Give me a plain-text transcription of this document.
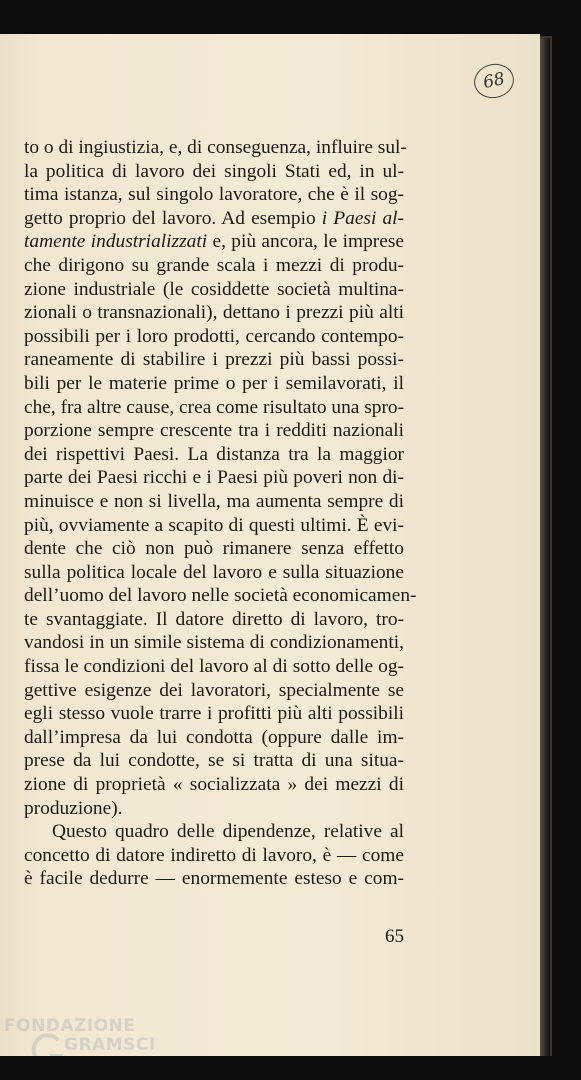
68
to o di ingiustizia, e, di conseguenza, influire sul-
la politica di lavoro dei singoli Stati ed, in ul-
tima istanza, sul singolo lavoratore, che è il sog-
getto proprio del lavoro. Ad esempio i Paesi al-
tamente industrializzati e, più ancora, le imprese
che dirigono su grande scala i mezzi di produ-
zione industriale (le cosiddette società multina-
zionali o transnazionali), dettano i prezzi più alti
possibili per i loro prodotti, cercando contempo-
raneamente di stabilire i prezzi più bassi possi-
bili per le materie prime o per i semilavorati, il
che, fra altre cause, crea come risultato una spro-
porzione sempre crescente tra i redditi nazionali
dei rispettivi Paesi. La distanza tra la maggior
parte dei Paesi ricchi e i Paesi più poveri non di-
minuisce e non si livella, ma aumenta sempre di
più, ovviamente a scapito di questi ultimi. È evi-
dente che ciò non può rimanere senza effetto
sulla politica locale del lavoro e sulla situazione
dell’uomo del lavoro nelle società economicamen-
te svantaggiate. Il datore diretto di lavoro, tro-
vandosi in un simile sistema di condizionamenti,
fissa le condizioni del lavoro al di sotto delle og-
gettive esigenze dei lavoratori, specialmente se
egli stesso vuole trarre i profitti più alti possibili
dall’impresa da lui condotta (oppure dalle im-
prese da lui condotte, se si tratta di una situa-
zione di proprietà « socializzata » dei mezzi di
produzione).
Questo quadro delle dipendenze, relative al
concetto di datore indiretto di lavoro, è — come
è facile dedurre — enormemente esteso e com-
65
FONDAZIONE
GRAMSCI
